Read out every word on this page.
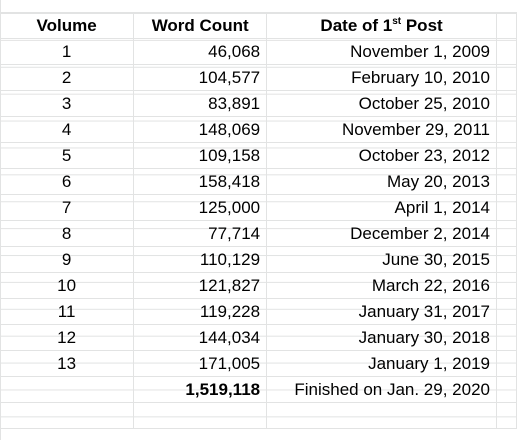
Volume	Word Count	Date of 1st Post	
1	46,068	November 1, 2009	
2	104,577	February 10, 2010	
3	83,891	October 25, 2010	
4	148,069	November 29, 2011	
5	109,158	October 23, 2012	
6	158,418	May 20, 2013	
7	125,000	April 1, 2014	
8	77,714	December 2, 2014	
9	110,129	June 30, 2015	
10	121,827	March 22, 2016	
11	119,228	January 31, 2017	
12	144,034	January 30, 2018	
13	171,005	January 1, 2019	
	1,519,118	Finished on Jan. 29, 2020	
